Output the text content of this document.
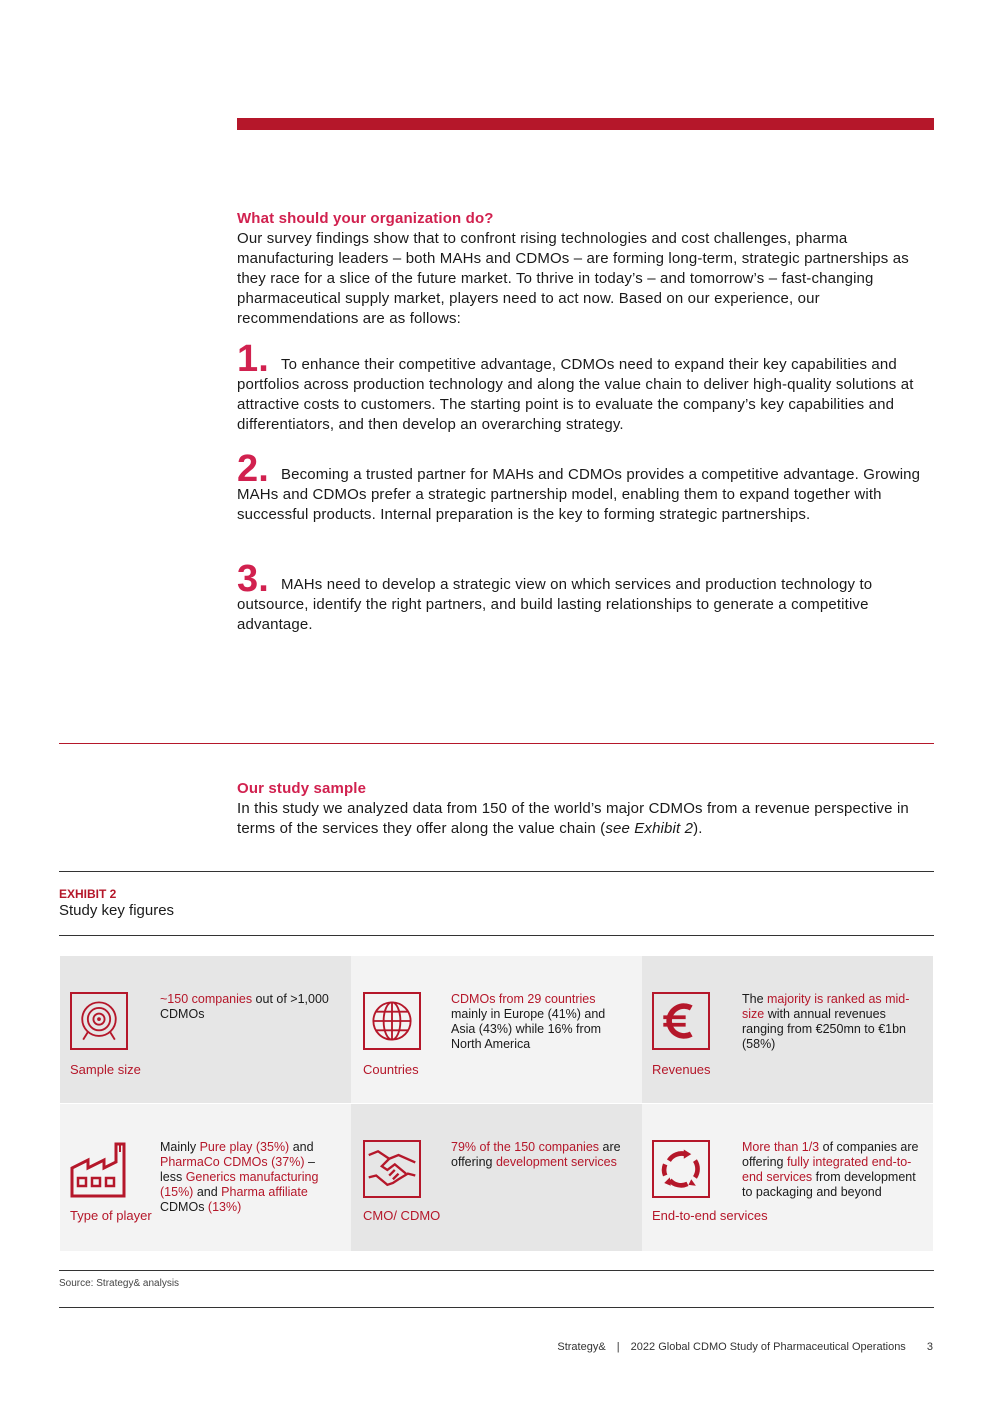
What should your organization do?
Our survey findings show that to confront rising technologies and cost challenges, pharma manufacturing leaders – both MAHs and CDMOs – are forming long-term, strategic partnerships as they race for a slice of the future market. To thrive in today’s – and tomorrow’s – fast-changing pharmaceutical supply market, players need to act now. Based on our experience, our recommendations are as follows:
1. To enhance their competitive advantage, CDMOs need to expand their key capabilities and portfolios across production technology and along the value chain to deliver high-quality solutions at attractive costs to customers. The starting point is to evaluate the company’s key capabilities and differentiators, and then develop an overarching strategy.
2. Becoming a trusted partner for MAHs and CDMOs provides a competitive advantage. Growing MAHs and CDMOs prefer a strategic partnership model, enabling them to expand together with successful products. Internal preparation is the key to forming strategic partnerships.
3. MAHs need to develop a strategic view on which services and production technology to outsource, identify the right partners, and build lasting relationships to generate a competitive advantage.
Our study sample
In this study we analyzed data from 150 of the world’s major CDMOs from a revenue perspective in terms of the services they offer along the value chain (see Exhibit 2).
EXHIBIT 2
Study key figures
Sample size
~150 companies out of >1,000 CDMOs
Countries
CDMOs from 29 countries mainly in Europe (41%) and Asia (43%) while 16% from North America
Revenues
The majority is ranked as mid-size with annual revenues ranging from €250mn to €1bn (58%)
Type of player
Mainly Pure play (35%) and PharmaCo CDMOs (37%) – less Generics manufacturing (15%) and Pharma affiliate CDMOs (13%)
CMO/ CDMO
79% of the 150 companies are offering development services
End-to-end services
More than 1/3 of companies are offering fully integrated end-to-end services from development to packaging and beyond
Source: Strategy& analysis
Strategy& | 2022 Global CDMO Study of Pharmaceutical Operations 3
